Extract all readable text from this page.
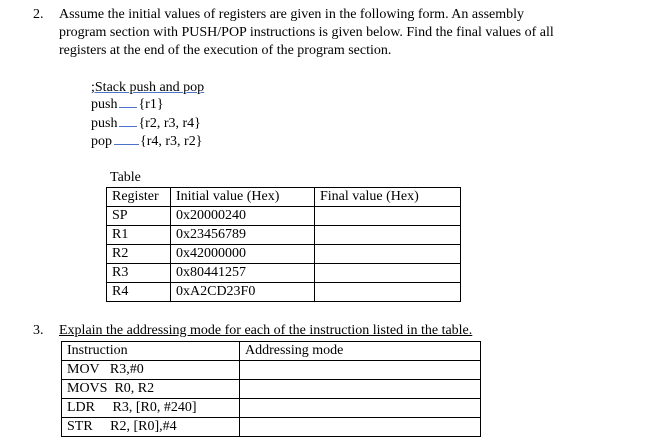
2. Assume the initial values of registers are given in the following form. An assembly
program section with PUSH/POP instructions is given below. Find the final values of all
registers at the end of the execution of the program section.
;Stack push and pop
push {r1}
push {r2, r3, r4}
pop {r4, r3, r2}
Table
Register	Initial value (Hex)	Final value (Hex)
SP	0x20000240	
R1	0x23456789	
R2	0x42000000	
R3	0x80441257	
R4	0xA2CD23F0	
3. Explain the addressing mode for each of the instruction listed in the table.
Instruction	Addressing mode
MOV   R3,#0	
MOVS  R0, R2	
LDR     R3, [R0, #240]	
STR     R2, [R0],#4	
